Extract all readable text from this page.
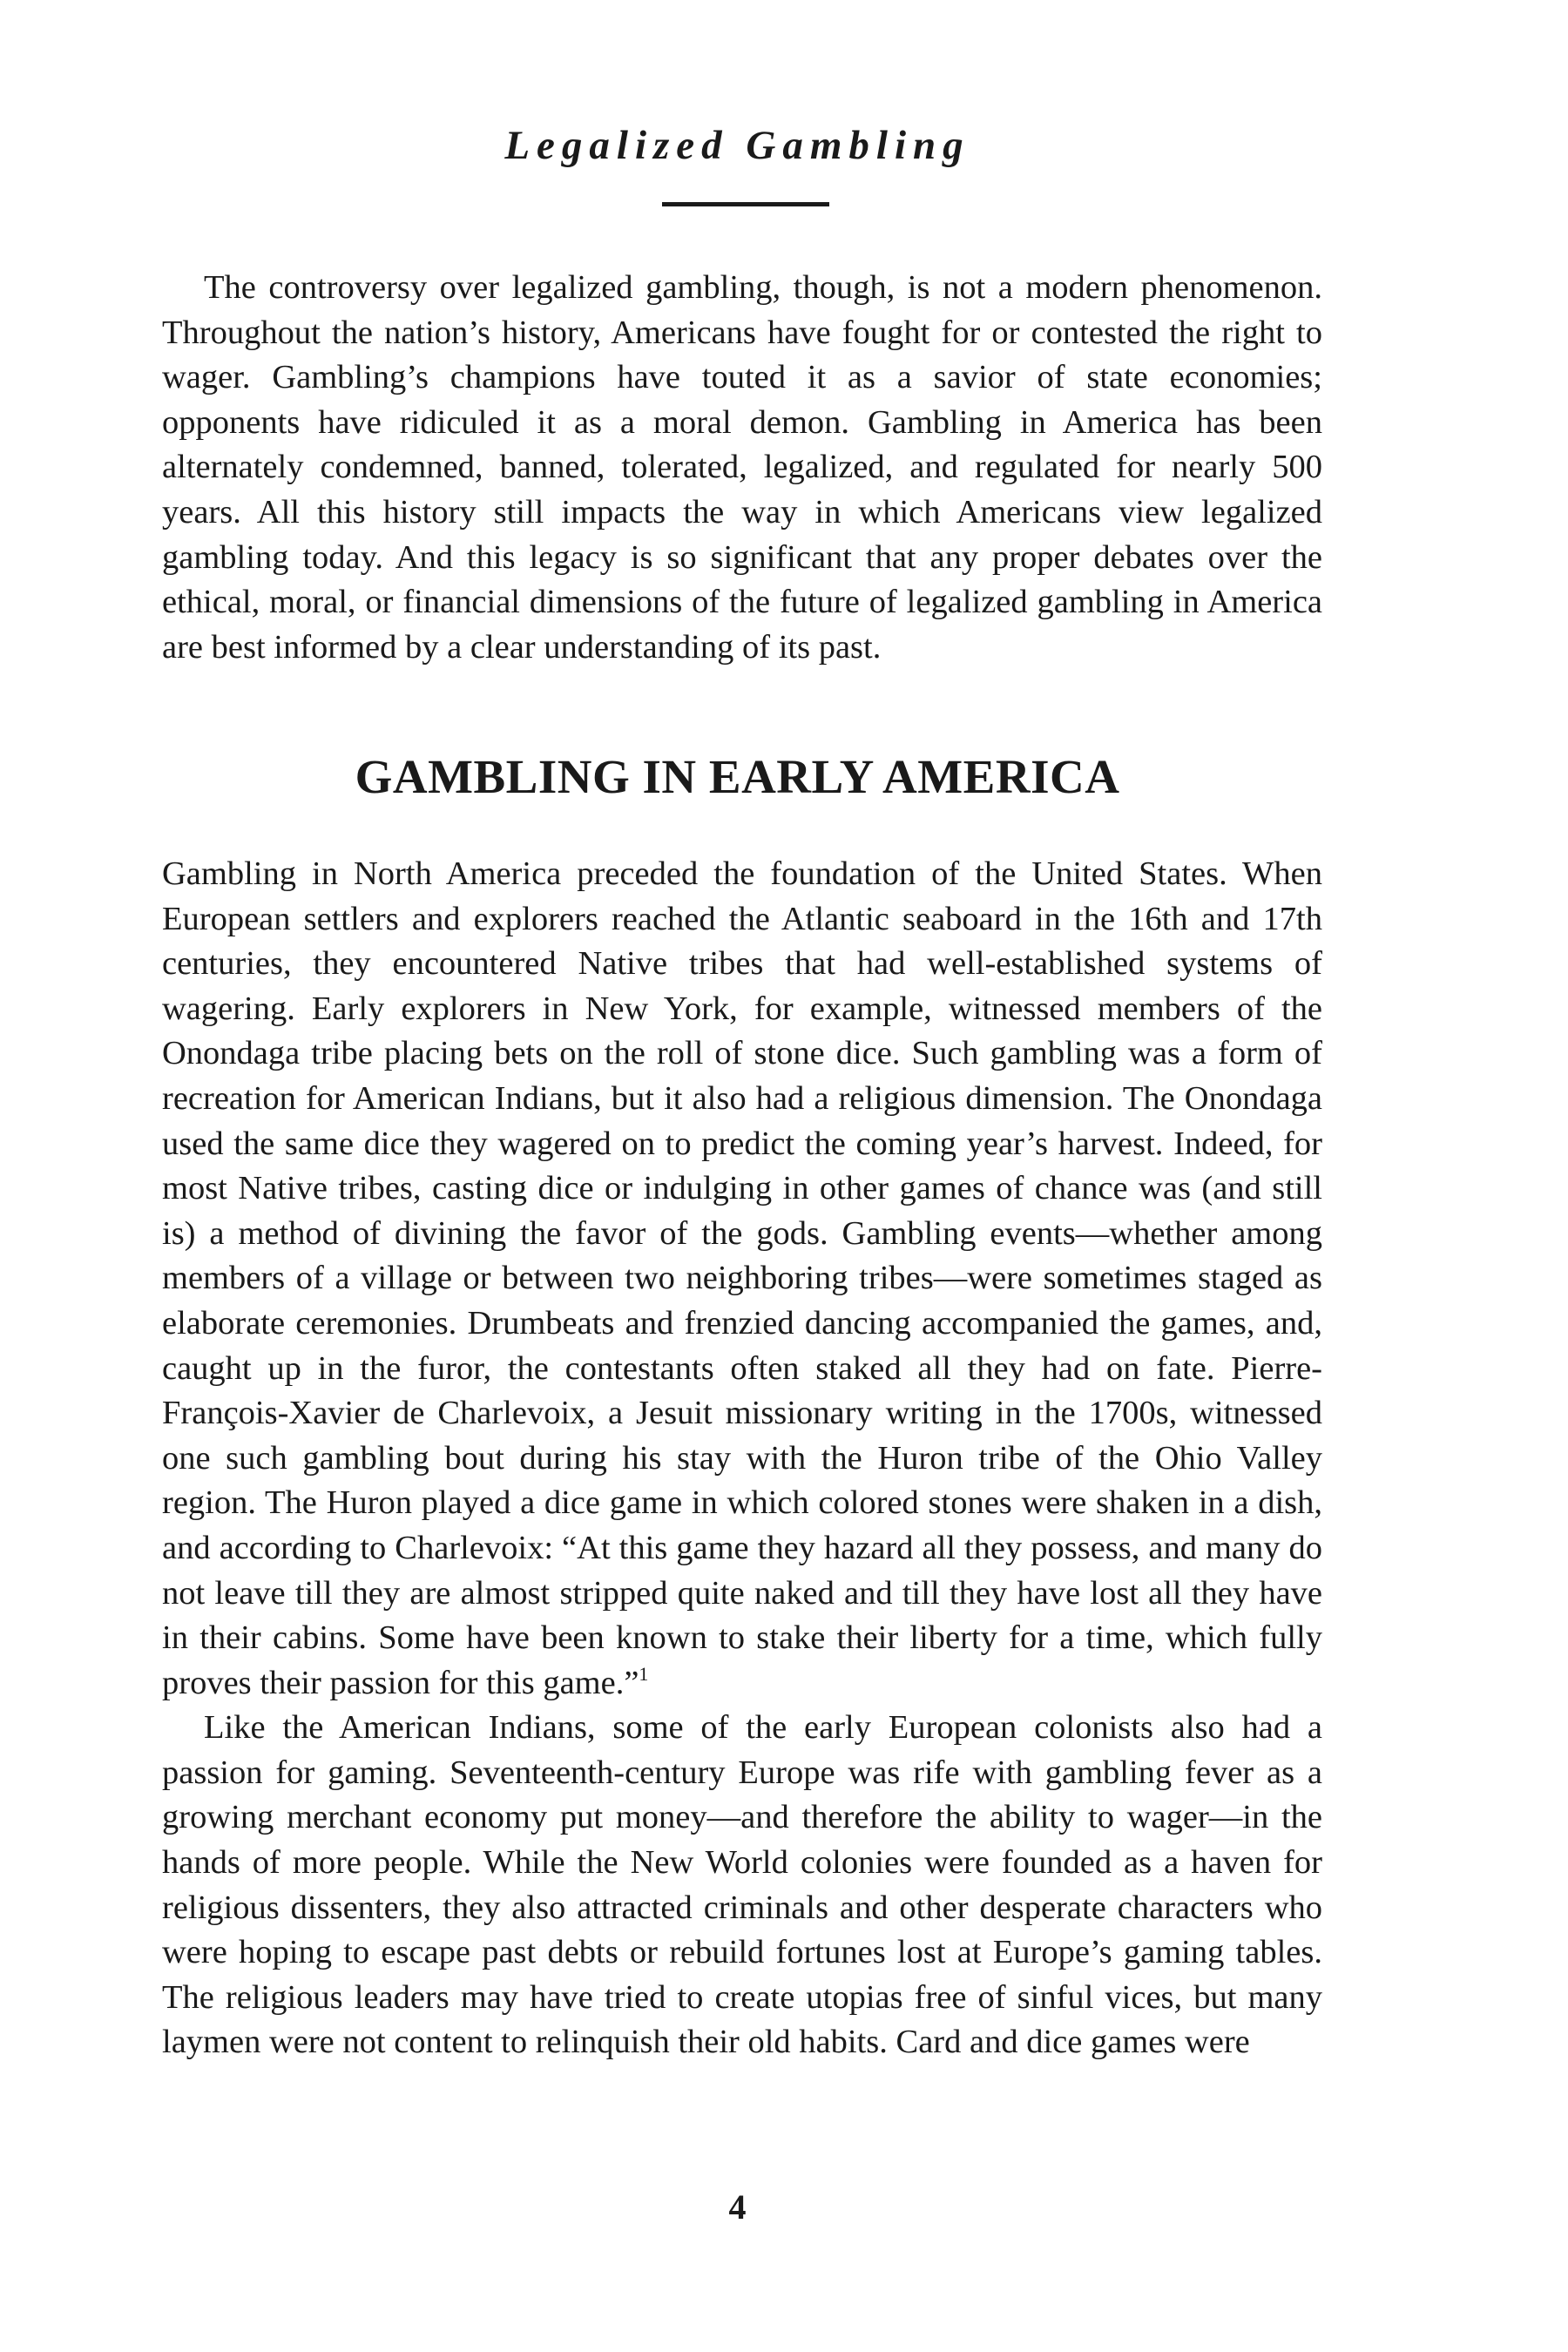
Legalized Gambling

The controversy over legalized gambling, though, is not a modern phenomenon. Throughout the nation’s history, Americans have fought for or contested the right to wager. Gambling’s champions have touted it as a savior of state economies; opponents have ridiculed it as a moral demon. Gambling in America has been alternately condemned, banned, tolerated, legalized, and regulated for nearly 500 years. All this history still impacts the way in which Americans view legalized gambling today. And this legacy is so significant that any proper debates over the ethical, moral, or financial dimensions of the future of legalized gambling in America are best informed by a clear understanding of its past.

GAMBLING IN EARLY AMERICA

Gambling in North America preceded the foundation of the United States. When European settlers and explorers reached the Atlantic seaboard in the 16th and 17th centuries, they encountered Native tribes that had well-established systems of wagering. Early explorers in New York, for example, witnessed members of the Onondaga tribe placing bets on the roll of stone dice. Such gambling was a form of recreation for American Indians, but it also had a religious dimension. The Onondaga used the same dice they wagered on to predict the coming year’s harvest. Indeed, for most Native tribes, casting dice or indulging in other games of chance was (and still is) a method of divining the favor of the gods. Gambling events—whether among members of a village or between two neighboring tribes—were sometimes staged as elaborate ceremonies. Drumbeats and frenzied dancing accompanied the games, and, caught up in the furor, the contestants often staked all they had on fate. Pierre-François-Xavier de Charlevoix, a Jesuit missionary writing in the 1700s, witnessed one such gambling bout during his stay with the Huron tribe of the Ohio Valley region. The Huron played a dice game in which colored stones were shaken in a dish, and according to Charlevoix: “At this game they hazard all they possess, and many do not leave till they are almost stripped quite naked and till they have lost all they have in their cabins. Some have been known to stake their liberty for a time, which fully proves their passion for this game.”$^1$

Like the American Indians, some of the early European colonists also had a passion for gaming. Seventeenth-century Europe was rife with gambling fever as a growing merchant economy put money—and therefore the ability to wager—in the hands of more people. While the New World colonies were founded as a haven for religious dissenters, they also attracted criminals and other desperate characters who were hoping to escape past debts or rebuild fortunes lost at Europe’s gaming tables. The religious leaders may have tried to create utopias free of sinful vices, but many laymen were not content to relinquish their old habits. Card and dice games were

4
